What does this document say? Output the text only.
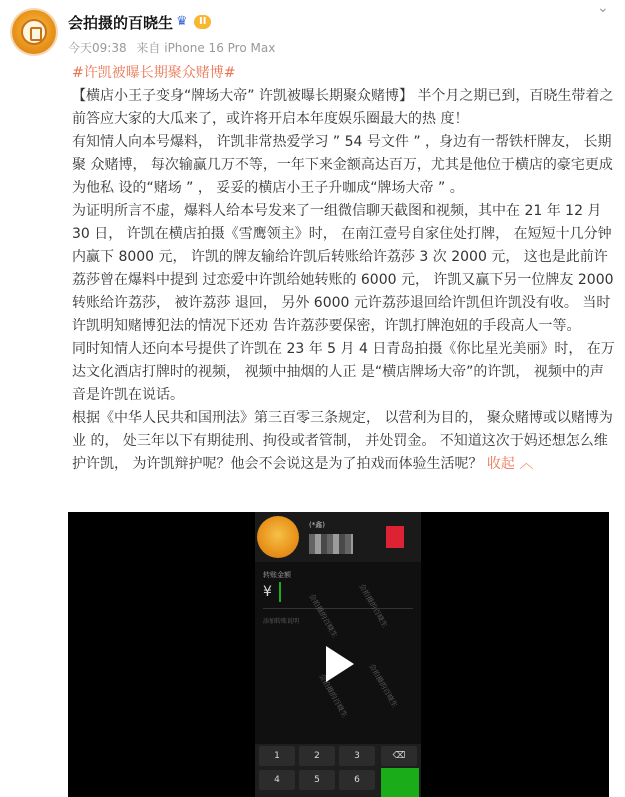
会拍摄的百晓生 ♛	II
今天09:38 来自 iPhone 16 Pro Max
⌄

#许凯被曝长期聚众赌博#

【横店小王子变身“牌场大帝” 许凯被曝长期聚众赌博】 半个月之期已到，百晓生带着之前答应大家的大瓜来了，或许将开启本年度娱乐圈最大的热 度！

有知情人向本号爆料， 许凯非常热爱学习 ” 54 号文件 ” ，身边有一帮铁杆牌友， 长期聚 众赌博， 每次输赢几万不等，一年下来金额高达百万，尤其是他位于横店的豪宅更成为他私 设的“赌场 ” ， 妥妥的横店小王子升咖成“牌场大帝 ” 。

为证明所言不虚，爆料人给本号发来了一组微信聊天截图和视频，其中在 21 年 12 月 30 日， 许凯在横店拍摄《雪鹰领主》时， 在南江壹号自家住处打牌， 在短短十几分钟内赢下 8000 元， 许凯的牌友输给许凯后转账给许荔莎 3 次 2000 元， 这也是此前许荔莎曾在爆料中提到 过恋爱中许凯给她转账的 6000 元， 许凯又赢下另一位牌友 2000 转账给许荔莎， 被许荔莎 退回， 另外 6000 元许荔莎退回给许凯但许凯没有收。 当时许凯明知赌博犯法的情况下还劝 告许荔莎要保密，许凯打牌泡妞的手段高人一等。

同时知情人还向本号提供了许凯在 23 年 5 月 4 日青岛拍摄《你比星光美丽》时， 在万达文化酒店打牌时的视频， 视频中抽烟的人正 是“横店牌场大帝”的许凯， 视频中的声音是许凯在说话。

根据《中华人民共和国刑法》第三百零三条规定， 以营利为目的， 聚众赌博或以赌博为业 的， 处三年以下有期徒刑、拘役或者管制， 并处罚金。 不知道这次于妈还想怎么维护许凯， 为许凯辩护呢？他会不会说这是为了拍戏而体验生活呢？ 收起 ︿

(*鑫)
转账金额
¥
添加转账说明 会拍摄的百晓生	会拍摄的百晓生
会拍摄的百晓生	会拍摄的百晓生
1	2	3	⌫
4	5	6
